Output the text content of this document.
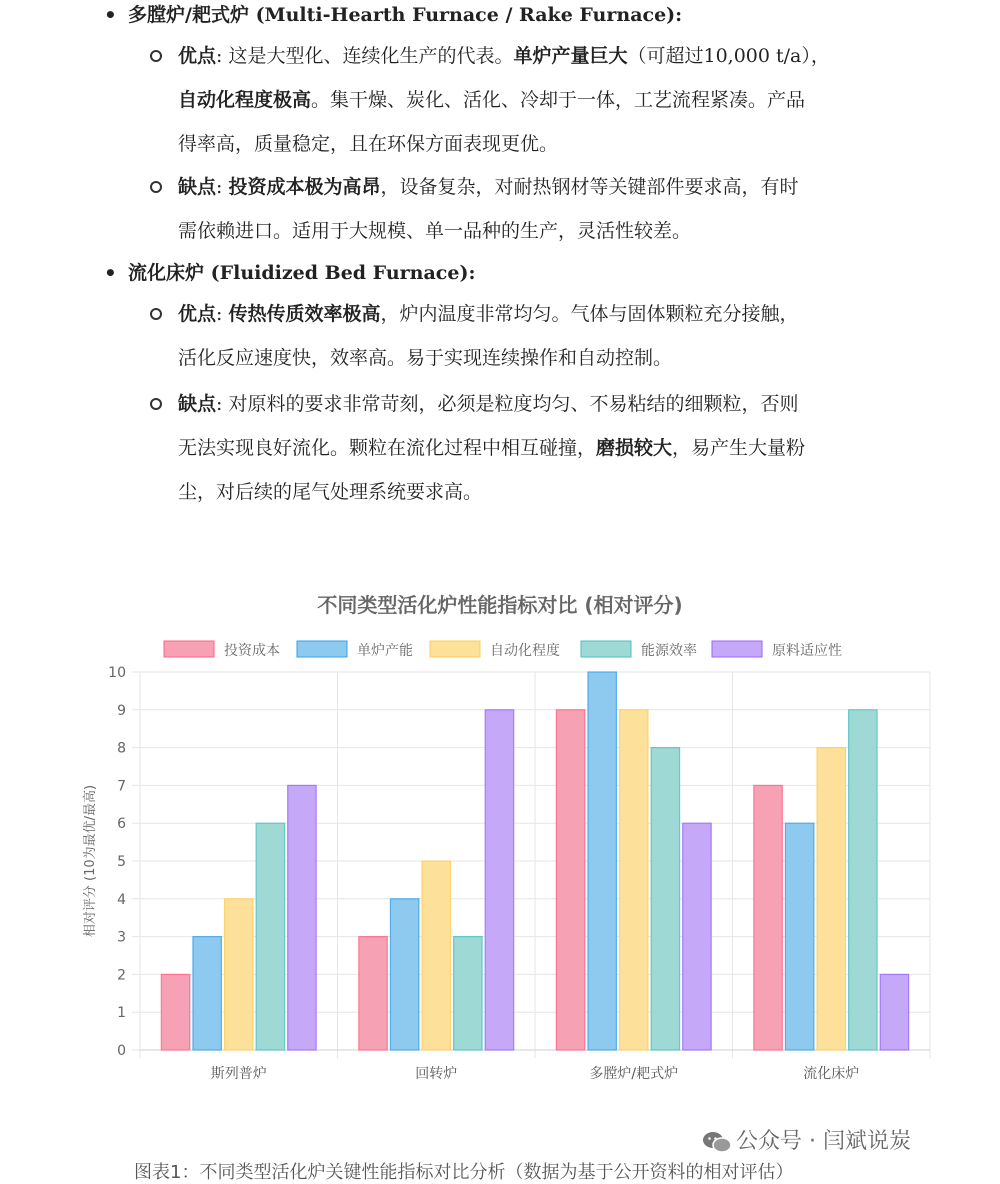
• 多膛炉/耙式炉 (Multi-Hearth Furnace / Rake Furnace):
优点: 这是大型化、连续化生产的代表。单炉产量巨大（可超过10,000 t/a），
自动化程度极高。集干燥、炭化、活化、冷却于一体，工艺流程紧凑。产品
得率高，质量稳定，且在环保方面表现更优。
缺点: 投资成本极为高昂，设备复杂，对耐热钢材等关键部件要求高，有时
需依赖进口。适用于大规模、单一品种的生产，灵活性较差。
• 流化床炉 (Fluidized Bed Furnace):
优点: 传热传质效率极高，炉内温度非常均匀。气体与固体颗粒充分接触，
活化反应速度快，效率高。易于实现连续操作和自动控制。
缺点: 对原料的要求非常苛刻，必须是粒度均匀、不易粘结的细颗粒，否则
无法实现良好流化。颗粒在流化过程中相互碰撞，磨损较大，易产生大量粉
尘，对后续的尾气处理系统要求高。
不同类型活化炉性能指标对比 (相对评分)
投资成本	单炉产能	自动化程度	能源效率	原料适应性
0
1
2
3
4
5
6
7
8
9
10
斯列普炉	回转炉	多膛炉/耙式炉	流化床炉
相对评分 (10为最优/最高)
公众号 · 闫斌说炭
图表1：不同类型活化炉关键性能指标对比分析（数据为基于公开资料的相对评估）
